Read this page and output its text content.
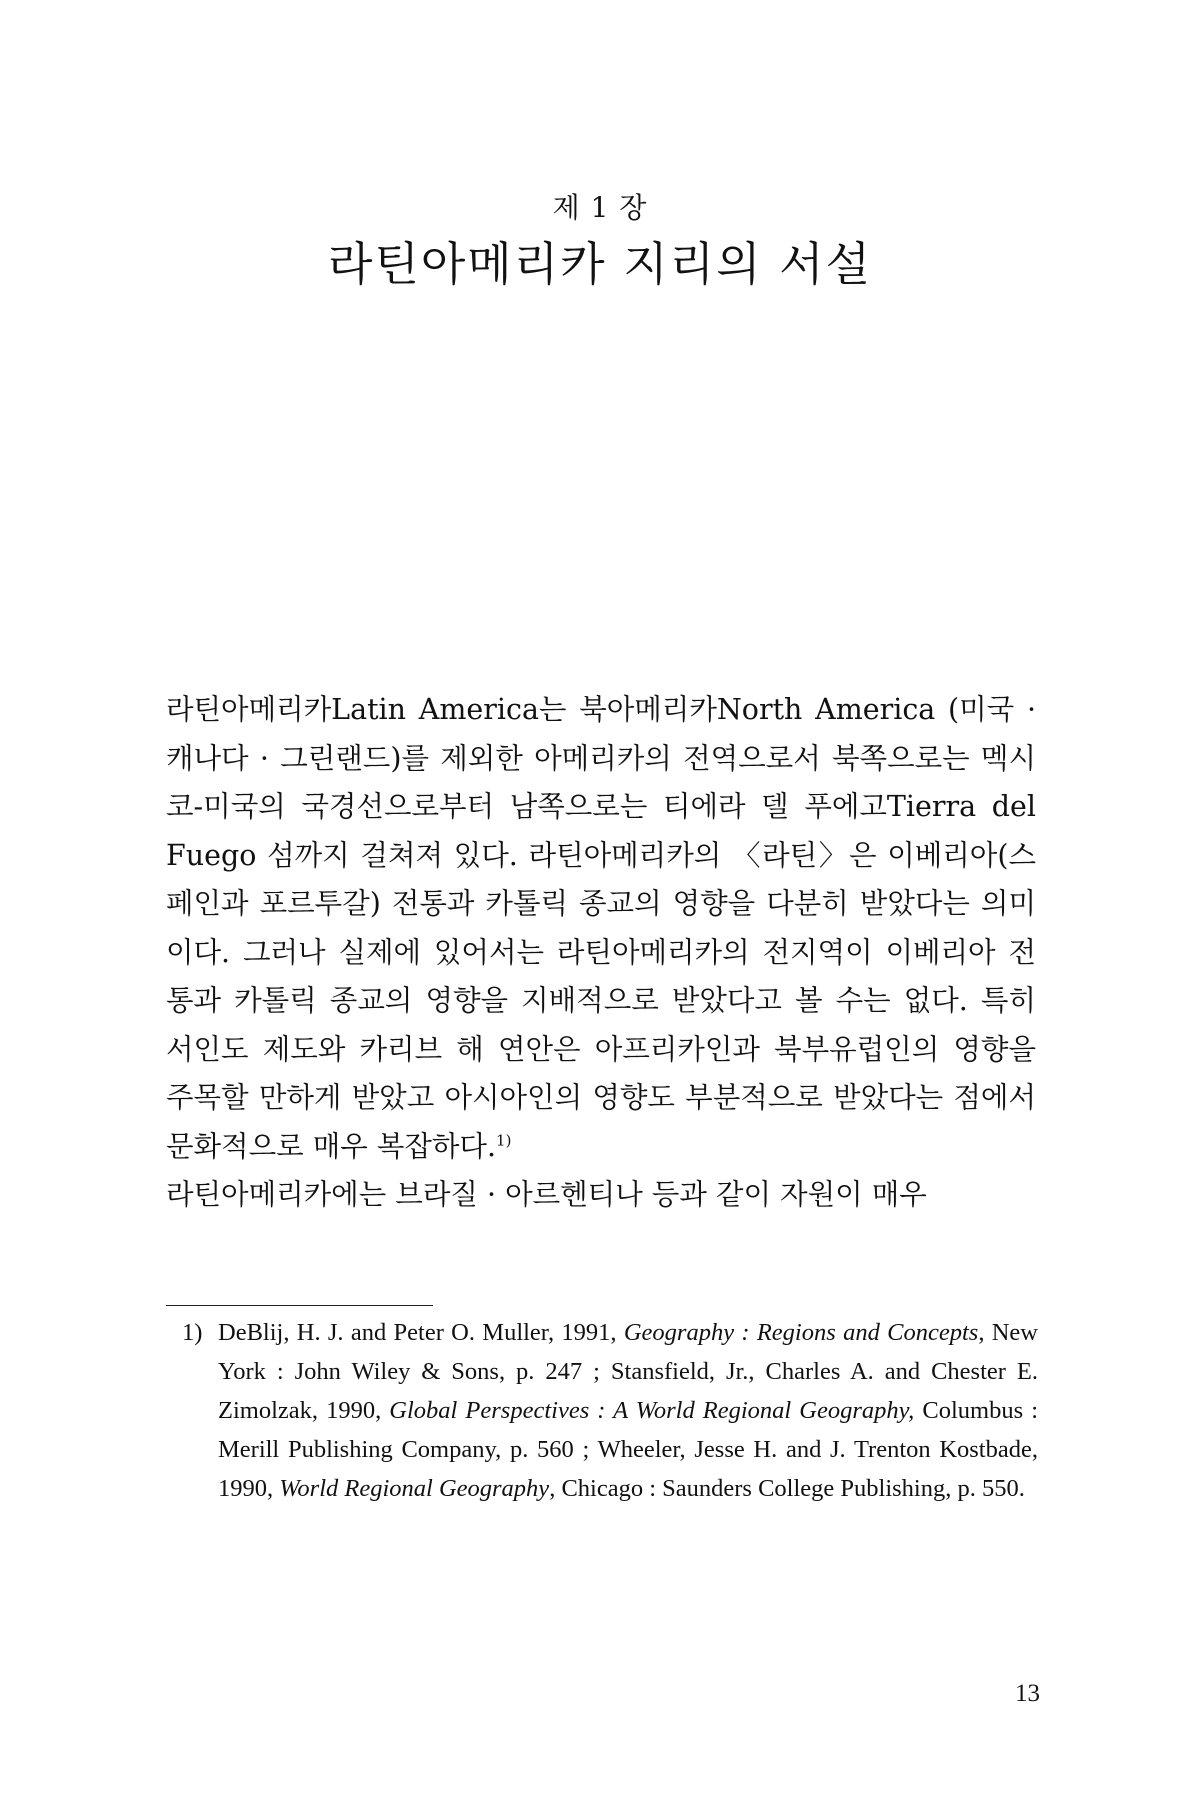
제 1 장
라틴아메리카 지리의 서설

라틴아메리카Latin America는 북아메리카North America (미국 · 캐나다 · 그린랜드)를 제외한 아메리카의 전역으로서 북쪽으로는 멕시코-미국의 국경선으로부터 남쪽으로는 티에라 델 푸에고Tierra del Fuego 섬까지 걸쳐져 있다. 라틴아메리카의 〈라틴〉은 이베리아(스페인과 포르투갈) 전통과 카톨릭 종교의 영향을 다분히 받았다는 의미이다. 그러나 실제에 있어서는 라틴아메리카의 전지역이 이베리아 전통과 카톨릭 종교의 영향을 지배적으로 받았다고 볼 수는 없다. 특히 서인도 제도와 카리브 해 연안은 아프리카인과 북부유럽인의 영향을 주목할 만하게 받았고 아시아인의 영향도 부분적으로 받았다는 점에서 문화적으로 매우 복잡하다.$^{1)}$

라틴아메리카에는 브라질 · 아르헨티나 등과 같이 자원이 매우

1) DeBlij, H. J. and Peter O. Muller, 1991, Geography : Regions and Concepts, New York : John Wiley & Sons, p. 247 ; Stansfield, Jr., Charles A. and Chester E. Zimolzak, 1990, Global Perspectives : A World Regional Geography, Columbus : Merill Publishing Company, p. 560 ; Wheeler, Jesse H. and J. Trenton Kostbade, 1990, World Regional Geography, Chicago : Saunders College Publishing, p. 550.
13
